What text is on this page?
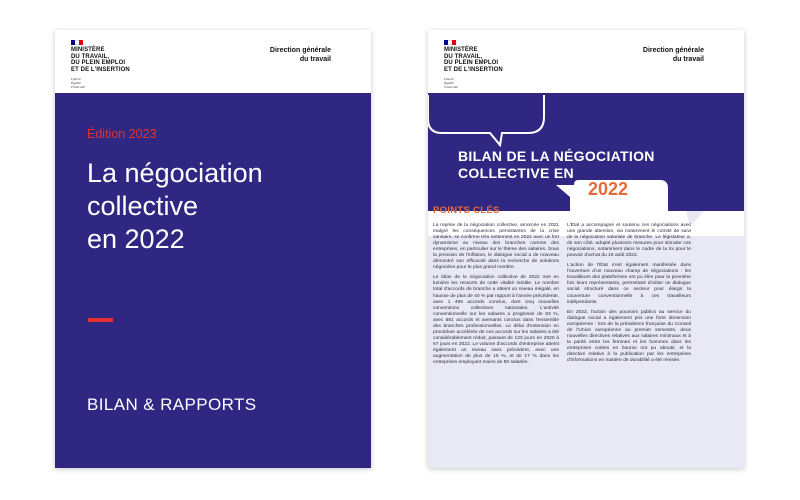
MINISTÈRE
DU TRAVAIL,
DU PLEIN EMPLOI
ET DE L'INSERTION
Liberté
Égalité
Fraternité
Direction générale
du travail
Édition 2023
La négociation
collective
en 2022
BILAN & RAPPORTS
MINISTÈRE
DU TRAVAIL,
DU PLEIN EMPLOI
ET DE L'INSERTION
Liberté
Égalité
Fraternité
Direction générale
du travail
BILAN DE LA NÉGOCIATION
COLLECTIVE EN
2022
POINTS CLÉS

La reprise de la négociation collective, amorcée en 2021 malgré les conséquences persistantes de la crise sanitaire, se confirme très nettement en 2022 avec un fort dynamisme au niveau des branches comme des entreprises, en particulier sur le thème des salaires. Sous la pression de l'inflation, le dialogue social a de nouveau démontré son efficacité dans la recherche de solutions négociées pour le plus grand nombre.

Le bilan de la négociation collective de 2022 met en lumière les ressorts de cette vitalité inédite. Le nombre total d'accords de branche a atteint un niveau inégalé, en hausse de plus de 40 % par rapport à l'année précédente, avec 1 495 accords conclus, dont cinq nouvelles conventions collectives nationales. L'activité conventionnelle sur les salaires a progressé de 83 %, avec 691 accords et avenants conclus dans l'ensemble des branches professionnelles. Le délai d'extension en procédure accélérée de ces accords sur les salaires a été considérablement réduit, passant de 123 jours en 2020 à 67 jours en 2022. Le volume d'accords d'entreprise atteint également un niveau sans précédent, avec une augmentation de plus de 15 %, et de 17 % dans les entreprises employant moins de 50 salariés.

L'État a accompagné et soutenu ces négociations avec une grande attention, via notamment le comité de suivi de la négociation salariale de branche. Le législateur a, de son côté, adopté plusieurs mesures pour stimuler ces négociations, notamment dans le cadre de la loi pour le pouvoir d'achat du 16 août 2022.

L'action de l'État s'est également manifestée dans l'ouverture d'un nouveau champ de négociations : les travailleurs des plateformes ont pu élire pour la première fois leurs représentants, permettant d'initier un dialogue social structuré dans ce secteur pour élargir la couverture conventionnelle à ces travailleurs indépendants.

En 2022, l'action des pouvoirs publics au service du dialogue social a également pris une forte dimension européenne : lors de la présidence française du Conseil de l'Union européenne au premier semestre, deux nouvelles directives relatives aux salaires minimaux et à la parité entre les femmes et les hommes dans les entreprises cotées en bourse ont pu aboutir, et la directive relative à la publication par les entreprises d'informations en matière de durabilité a été révisée.
